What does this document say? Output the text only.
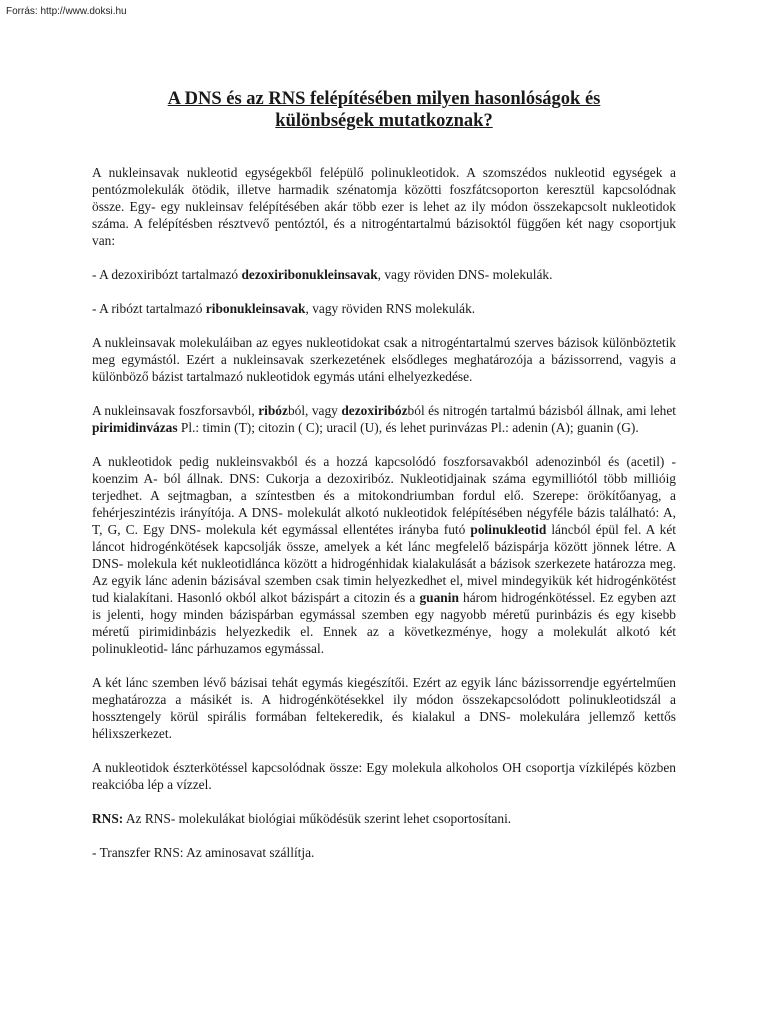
Forrás: http://www.doksi.hu
A DNS és az RNS felépítésében milyen hasonlóságok és
különbségek mutatkoznak?

A nukleinsavak nukleotid egységekből felépülő polinukleotidok. A szomszédos nukleotid egységek a pentózmolekulák ötödik, illetve harmadik szénatomja közötti foszfátcsoporton keresztül kapcsolódnak össze. Egy- egy nukleinsav felépítésében akár több ezer is lehet az ily módon összekapcsolt nukleotidok száma. A felépítésben résztvevő pentóztól, és a nitrogéntartalmú bázisoktól függően két nagy csoportjuk van:

- A dezoxiribózt tartalmazó dezoxiribonukleinsavak, vagy röviden DNS- molekulák.

- A ribózt tartalmazó ribonukleinsavak, vagy röviden RNS molekulák.

A nukleinsavak molekuláiban az egyes nukleotidokat csak a nitrogéntartalmú szerves bázisok különböztetik meg egymástól. Ezért a nukleinsavak szerkezetének elsődleges meghatározója a bázissorrend, vagyis a különböző bázist tartalmazó nukleotidok egymás utáni elhelyezkedése.

A nukleinsavak foszforsavból, ribózból, vagy dezoxiribózból és nitrogén tartalmú bázisból állnak, ami lehet pirimidinvázas Pl.: timin (T); citozin ( C); uracil (U), és lehet purinvázas Pl.: adenin (A); guanin (G).

A nukleotidok pedig nukleinsvakból és a hozzá kapcsolódó foszforsavakból adenozinból és (acetil) -koenzim A- ból állnak. DNS: Cukorja a dezoxiribóz. Nukleotidjainak száma egymilliótól több millióig terjedhet. A sejtmagban, a színtestben és a mitokondriumban fordul elő. Szerepe: örökítőanyag, a fehérjeszintézis irányítója. A DNS- molekulát alkotó nukleotidok felépítésében négyféle bázis található: A, T, G, C. Egy DNS- molekula két egymással ellentétes irányba futó polinukleotid láncból épül fel. A két láncot hidrogénkötések kapcsolják össze, amelyek a két lánc megfelelő bázispárja között jönnek létre. A DNS- molekula két nukleotidlánca között a hidrogénhidak kialakulását a bázisok szerkezete határozza meg. Az egyik lánc adenin bázisával szemben csak timin helyezkedhet el, mivel mindegyikük két hidrogénkötést tud kialakítani. Hasonló okból alkot bázispárt a citozin és a guanin három hidrogénkötéssel. Ez egyben azt is jelenti, hogy minden bázispárban egymással szemben egy nagyobb méretű purinbázis és egy kisebb méretű pirimidinbázis helyezkedik el. Ennek az a következménye, hogy a molekulát alkotó két polinukleotid- lánc párhuzamos egymással.

A két lánc szemben lévő bázisai tehát egymás kiegészítői. Ezért az egyik lánc bázissorrendje egyértelműen meghatározza a másikét is. A hidrogénkötésekkel ily módon összekapcsolódott polinukleotidszál a hossztengely körül spirális formában feltekeredik, és kialakul a DNS- molekulára jellemző kettős hélixszerkezet.

A nukleotidok észterkötéssel kapcsolódnak össze: Egy molekula alkoholos OH csoportja vízkilépés közben reakcióba lép a vízzel.

RNS: Az RNS- molekulákat biológiai működésük szerint lehet csoportosítani.

- Transzfer RNS: Az aminosavat szállítja.
